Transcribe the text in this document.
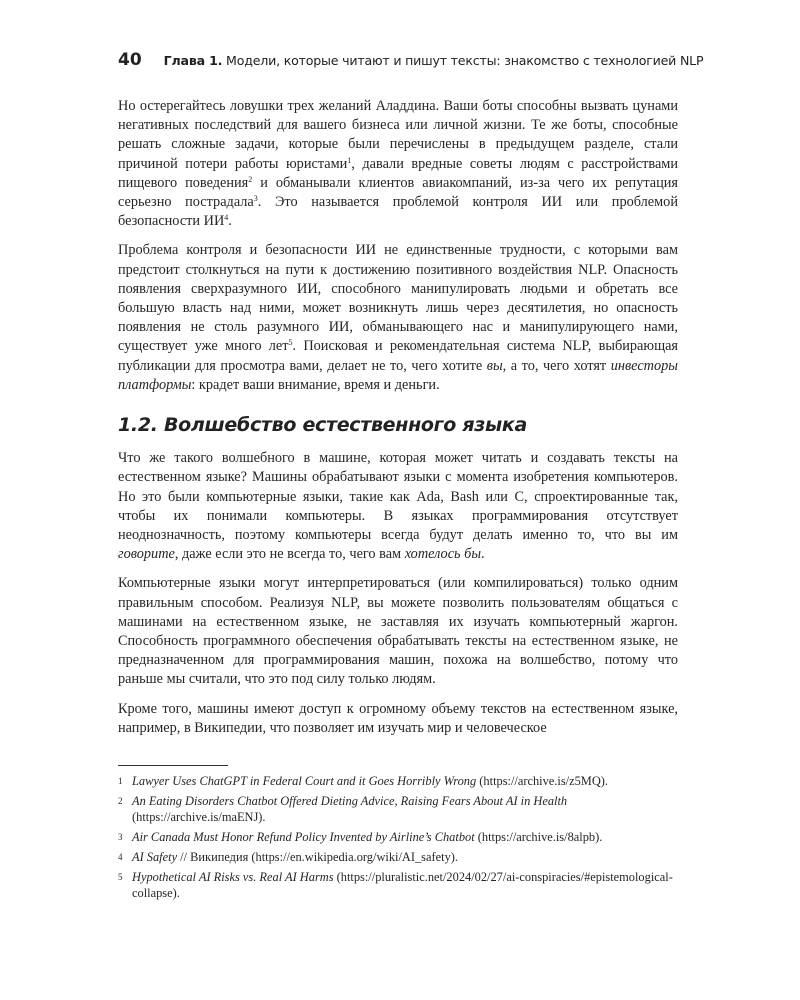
40 Глава 1. Модели, которые читают и пишут тексты: знакомство с технологией NLP

Но остерегайтесь ловушки трех желаний Аладдина. Ваши боты способны вызвать цунами негативных последствий для вашего бизнеса или личной жизни. Те же боты, способные решать сложные задачи, которые были перечислены в предыдущем разделе, стали причиной потери работы юристами$^1$, давали вредные советы людям с расстройствами пищевого поведения$^2$ и обманывали клиентов авиакомпаний, из-за чего их репутация серьезно пострадала$^3$. Это называется проблемой контроля ИИ или проблемой безопасности $ИИ^4$.

Проблема контроля и безопасности ИИ не единственные трудности, с которыми вам предстоит столкнуться на пути к достижению позитивного воздействия NLP. Опасность появления сверхразумного ИИ, способного манипулировать людьми и обретать все большую власть над ними, может возникнуть лишь через десятилетия, но опасность появления не столь разумного ИИ, обманывающего нас и манипулирующего нами, существует уже много лет$^5$. Поисковая и рекомендательная система NLP, выбирающая публикации для просмотра вами, делает не то, чего хотите вы, а то, чего хотят инвесторы платформы: крадет ваши внимание, время и деньги.

1.2. Волшебство естественного языка

Что же такого волшебного в машине, которая может читать и создавать тексты на естественном языке? Машины обрабатывают языки с момента изобретения компьютеров. Но это были компьютерные языки, такие как Ada, Bash или C, спроектированные так, чтобы их понимали компьютеры. В языках программирования отсутствует неоднозначность, поэтому компьютеры всегда будут делать именно то, что вы им говорите, даже если это не всегда то, чего вам хотелось бы.

Компьютерные языки могут интерпретироваться (или компилироваться) только одним правильным способом. Реализуя NLP, вы можете позволить пользователям общаться с машинами на естественном языке, не заставляя их изучать компьютерный жаргон. Способность программного обеспечения обрабатывать тексты на естественном языке, не предназначенном для программирования машин, похожа на волшебство, потому что раньше мы считали, что это под силу только людям.

Кроме того, машины имеют доступ к огромному объему текстов на естественном языке, например, в Википедии, что позволяет им изучать мир и человеческое

1 Lawyer Uses ChatGPT in Federal Court and it Goes Horribly Wrong (https://archive.is/z5MQ).
2 An Eating Disorders Chatbot Offered Dieting Advice, Raising Fears About AI in Health (https://archive.is/maENJ).
3 Air Canada Must Honor Refund Policy Invented by Airline’s Chatbot (https://archive.is/8alpb).
4 AI Safety // Википедия (https://en.wikipedia.org/wiki/AI_safety).
5 Hypothetical AI Risks vs. Real AI Harms (https://pluralistic.net/2024/02/27/ai-conspiracies/#epistemological-collapse).
